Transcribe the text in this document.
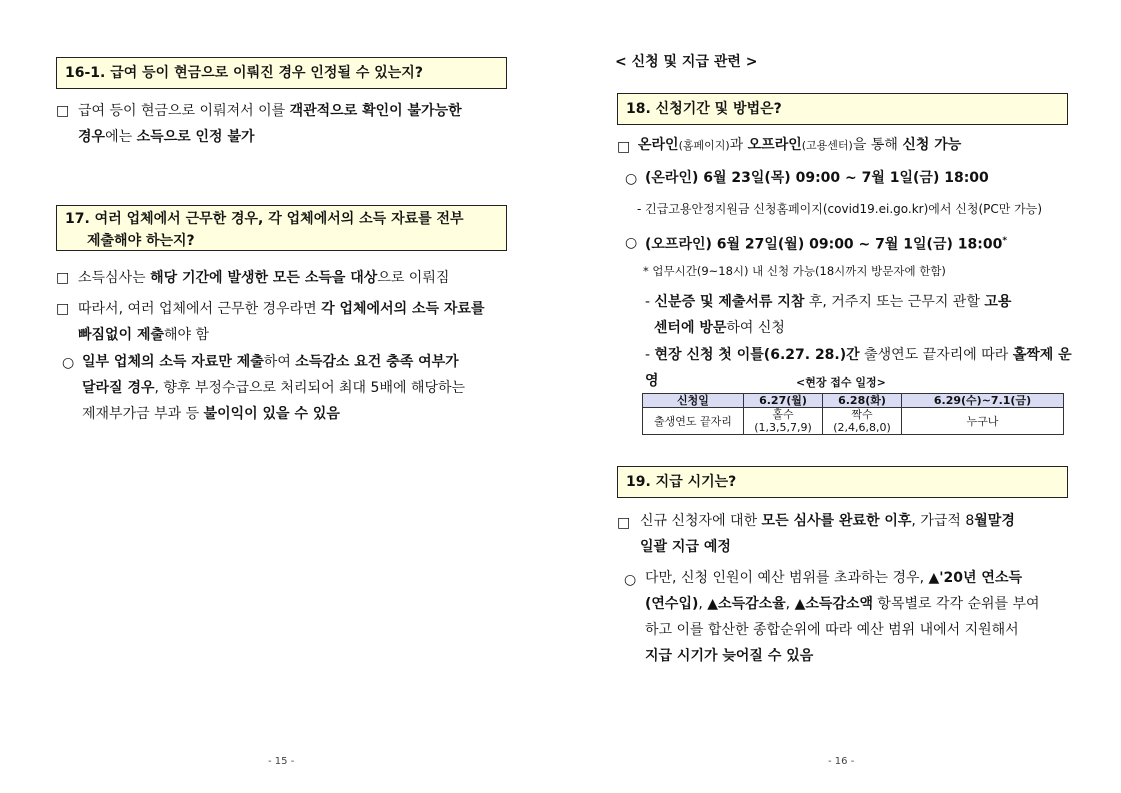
16-1. 급여 등이 현금으로 이뤄진 경우 인정될 수 있는지?
□ 급여 등이 현금으로 이뤄져서 이를 객관적으로 확인이 불가능한
경우에는 소득으로 인정 불가
17. 여러 업체에서 근무한 경우, 각 업체에서의 소득 자료를 전부
제출해야 하는지?
□ 소득심사는 해당 기간에 발생한 모든 소득을 대상으로 이뤄짐
□ 따라서, 여러 업체에서 근무한 경우라면 각 업체에서의 소득 자료를
빠짐없이 제출해야 함
○ 일부 업체의 소득 자료만 제출하여 소득감소 요건 충족 여부가
달라질 경우, 향후 부정수급으로 처리되어 최대 5배에 해당하는
제재부가금 부과 등 불이익이 있을 수 있음
- 15 -
< 신청 및 지급 관련 >
18. 신청기간 및 방법은?
□ 온라인(홈페이지)과 오프라인(고용센터)을 통해 신청 가능
○ (온라인) 6월 23일(목) 09:00 ~ 7월 1일(금) 18:00
- 긴급고용안정지원금 신청홈페이지(covid19.ei.go.kr)에서 신청(PC만 가능)
○ (오프라인) 6월 27일(월) 09:00 ~ 7월 1일(금) 18:00*
* 업무시간(9~18시) 내 신청 가능(18시까지 방문자에 한함)
- 신분증 및 제출서류 지참 후, 거주지 또는 근무지 관할 고용
센터에 방문하여 신청
- 현장 신청 첫 이틀(6.27. 28.)간 출생연도 끝자리에 따라 홀짝제 운영	<현장 접수 일정>
신청일	6.27(월)	6.28(화)	6.29(수)~7.1(금)
출생연도 끝자리	홀수(1,3,5,7,9)	짝수(2,4,6,8,0)	누구나
19. 지급 시기는?
□ 신규 신청자에 대한 모든 심사를 완료한 이후, 가급적 8월말경
일괄 지급 예정
○ 다만, 신청 인원이 예산 범위를 초과하는 경우, ▲'20년 연소득
(연수입), ▲소득감소율, ▲소득감소액 항목별로 각각 순위를 부여
하고 이를 합산한 종합순위에 따라 예산 범위 내에서 지원해서
지급 시기가 늦어질 수 있음
- 16 -
